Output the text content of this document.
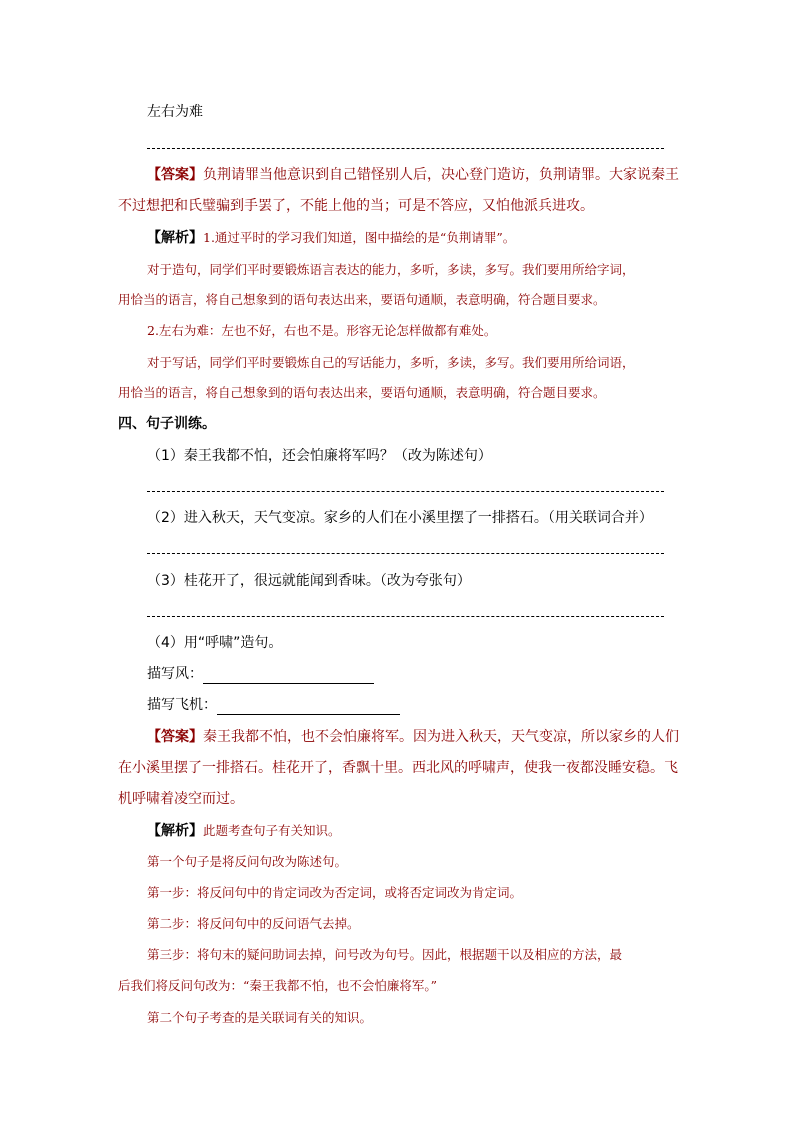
左右为难
【答案】负荆请罪当他意识到自己错怪别人后，决心登门造访，负荆请罪。大家说秦王
不过想把和氏璧骗到手罢了，不能上他的当；可是不答应，又怕他派兵进攻。
【解析】1.通过平时的学习我们知道，图中描绘的是“负荆请罪”。
对于造句，同学们平时要锻炼语言表达的能力，多听，多读，多写。我们要用所给字词，
用恰当的语言，将自己想象到的语句表达出来，要语句通顺，表意明确，符合题目要求。
2.左右为难：左也不好，右也不是。形容无论怎样做都有难处。
对于写话，同学们平时要锻炼自己的写话能力，多听，多读，多写。我们要用所给词语，
用恰当的语言，将自己想象到的语句表达出来，要语句通顺，表意明确，符合题目要求。
四、句子训练。
（1）秦王我都不怕，还会怕廉将军吗？（改为陈述句）
（2）进入秋天，天气变凉。家乡的人们在小溪里摆了一排搭石。（用关联词合并）
（3）桂花开了，很远就能闻到香味。（改为夸张句）
（4）用“呼啸”造句。
描写风：
描写飞机：
【答案】秦王我都不怕，也不会怕廉将军。因为进入秋天，天气变凉，所以家乡的人们
在小溪里摆了一排搭石。桂花开了，香飘十里。西北风的呼啸声，使我一夜都没睡安稳。飞
机呼啸着凌空而过。
【解析】此题考查句子有关知识。
第一个句子是将反问句改为陈述句。
第一步：将反问句中的肯定词改为否定词，或将否定词改为肯定词。
第二步：将反问句中的反问语气去掉。
第三步：将句末的疑问助词去掉，问号改为句号。因此，根据题干以及相应的方法，最
后我们将反问句改为：“秦王我都不怕，也不会怕廉将军。”
第二个句子考查的是关联词有关的知识。
